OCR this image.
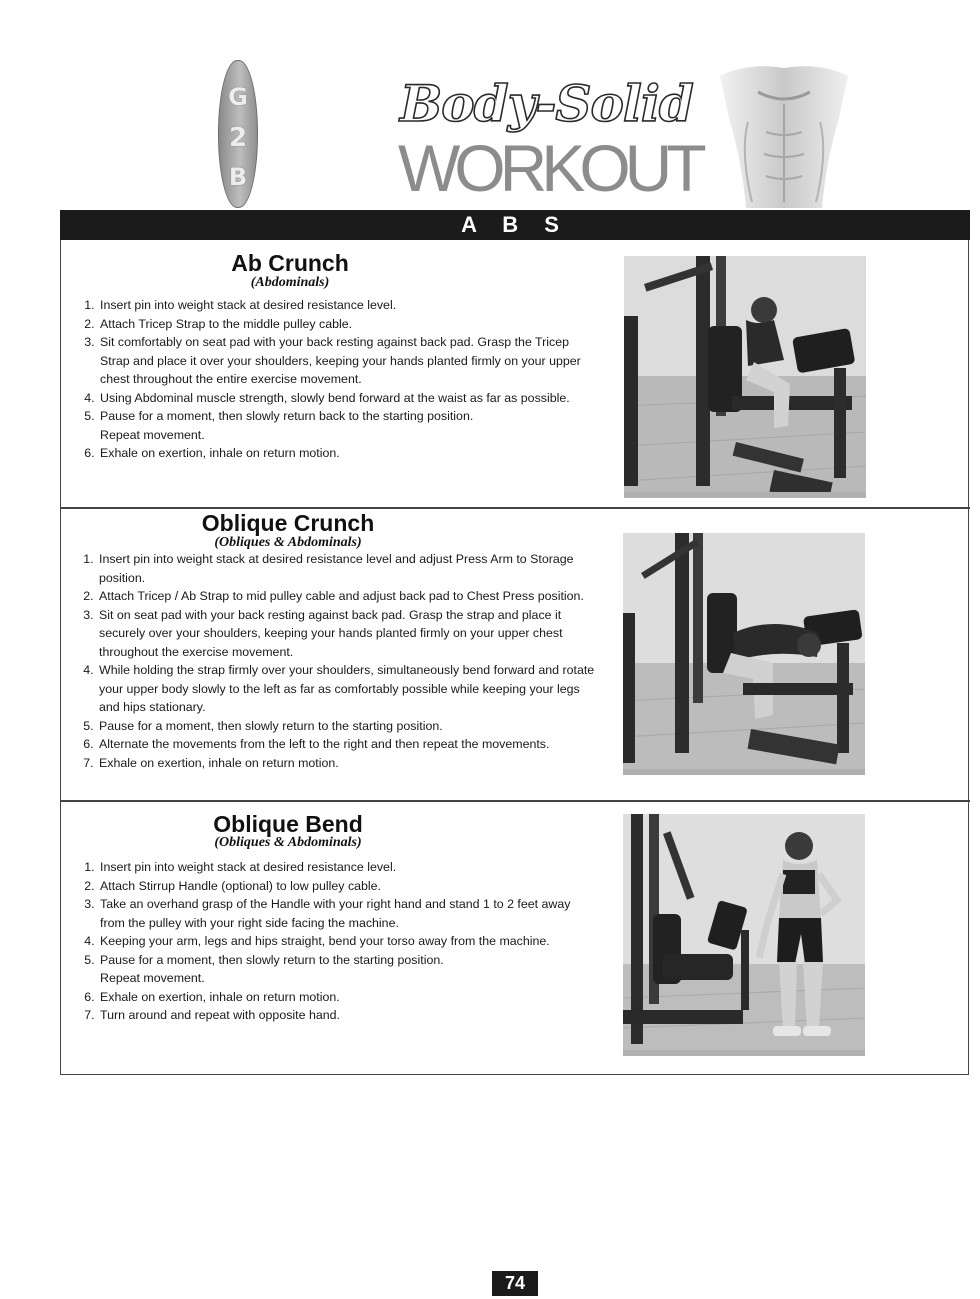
G
2
B
Body-Solid
WORKOUT
A B S
Ab Crunch
(Abdominals)
1. Insert pin into weight stack at desired resistance level.
2. Attach Tricep Strap to the middle pulley cable.
3. Sit comfortably on seat pad with your back resting against back pad. Grasp the Tricep Strap and place it over your shoulders, keeping your hands planted firmly on your upper chest throughout the entire exercise movement.
4. Using Abdominal muscle strength, slowly bend forward at the waist as far as possible.
5. Pause for a moment, then slowly return back to the starting position.
Repeat movement.
6. Exhale on exertion, inhale on return motion.
Oblique Crunch
(Obliques & Abdominals)
1. Insert pin into weight stack at desired resistance level and adjust Press Arm to Storage position.
2. Attach Tricep / Ab Strap to mid pulley cable and adjust back pad to Chest Press position.
3. Sit on seat pad with your back resting against back pad. Grasp the strap and place it securely over your shoulders, keeping your hands planted firmly on your upper chest throughout the exercise movement.
4. While holding the strap firmly over your shoulders, simultaneously bend forward and rotate your upper body slowly to the left as far as comfortably possible while keeping your legs and hips stationary.
5. Pause for a moment, then slowly return to the starting position.
6. Alternate the movements from the left to the right and then repeat the movements.
7. Exhale on exertion, inhale on return motion.
Oblique Bend
(Obliques & Abdominals)
1. Insert pin into weight stack at desired resistance level.
2. Attach Stirrup Handle (optional) to low pulley cable.
3. Take an overhand grasp of the Handle with your right hand and stand 1 to 2 feet away from the pulley with your right side facing the machine.
4. Keeping your arm, legs and hips straight, bend your torso away from the machine.
5. Pause for a moment, then slowly return to the starting position.
Repeat movement.
6. Exhale on exertion, inhale on return motion.
7. Turn around and repeat with opposite hand.
74
